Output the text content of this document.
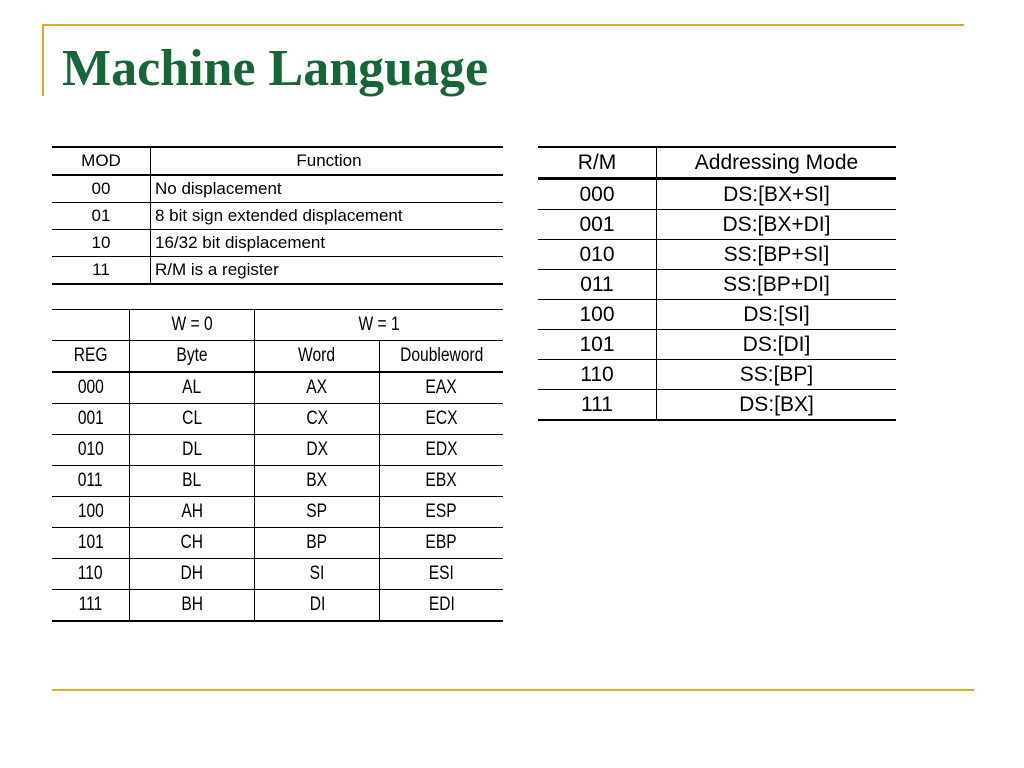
Machine Language
MOD	Function
00	No displacement
01	8 bit sign extended displacement
10	16/32 bit displacement
11	R/M is a register
	W = 0	W = 1	
REG	Byte	Word	Doubleword
000	AL	AX	EAX
001	CL	CX	ECX
010	DL	DX	EDX
011	BL	BX	EBX
100	AH	SP	ESP
101	CH	BP	EBP
110	DH	SI	ESI
111	BH	DI	EDI
R/M	Addressing Mode
000	DS:[BX+SI]
001	DS:[BX+DI]
010	SS:[BP+SI]
011	SS:[BP+DI]
100	DS:[SI]
101	DS:[DI]
110	SS:[BP]
111	DS:[BX]
